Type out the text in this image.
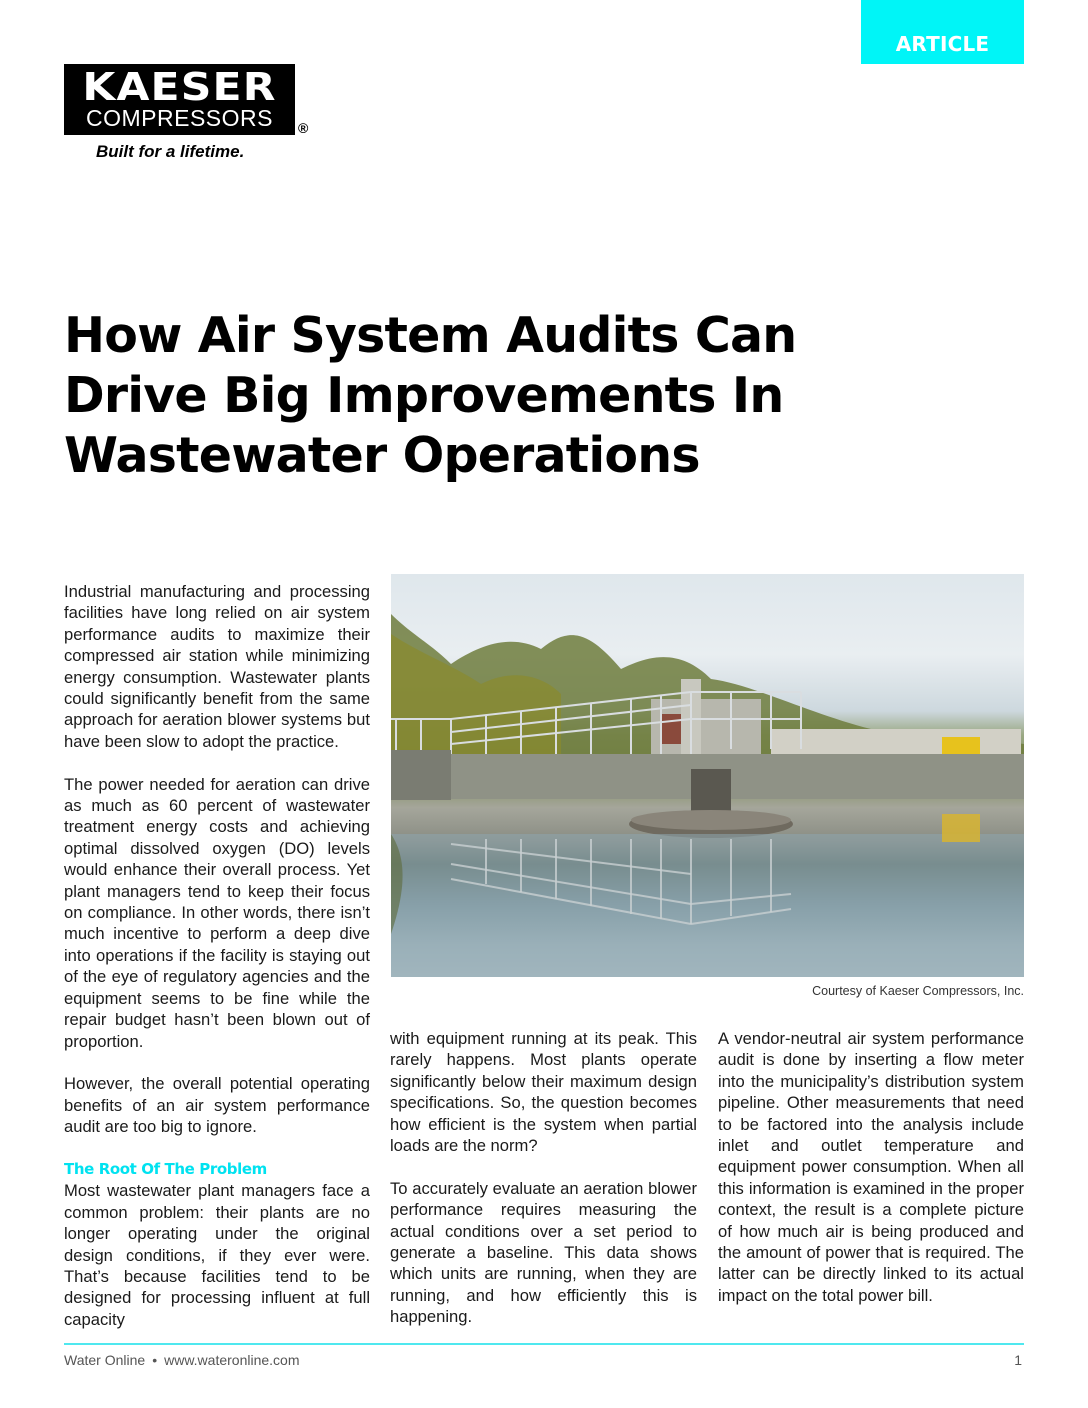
ARTICLE
KAESER
COMPRESSORS	®
Built for a lifetime.
How Air System Audits Can Drive Big Improvements In Wastewater Operations

Industrial manufacturing and processing facilities have long relied on air system performance audits to maximize their compressed air station while minimizing energy consumption. Wastewater plants could significantly benefit from the same approach for aeration blower systems but have been slow to adopt the practice.

The power needed for aeration can drive as much as 60 percent of wastewater treatment energy costs and achieving optimal dissolved oxygen (DO) levels would enhance their overall process. Yet plant managers tend to keep their focus on compliance. In other words, there isn’t much incentive to perform a deep dive into operations if the facility is staying out of the eye of regulatory agencies and the equipment seems to be fine while the repair budget hasn’t been blown out of proportion.

However, the overall potential operating benefits of an air system performance audit are too big to ignore.

The Root Of The Problem

Most wastewater plant managers face a common problem: their plants are no longer operating under the original design conditions, if they ever were. That’s because facilities tend to be designed for processing influent at full capacity

Courtesy of Kaeser Compressors, Inc.

with equipment running at its peak. This rarely happens. Most plants operate significantly below their maximum design specifications. So, the question becomes how efficient is the system when partial loads are the norm?

To accurately evaluate an aeration blower performance requires measuring the actual conditions over a set period to generate a baseline. This data shows which units are running, when they are running, and how efficiently this is happening.

A vendor-neutral air system performance audit is done by inserting a flow meter into the municipality’s distribution system pipeline. Other measurements that need to be factored into the analysis include inlet and outlet temperature and equipment power consumption. When all this information is examined in the proper context, the result is a complete picture of how much air is being produced and the amount of power that is required. The latter can be directly linked to its actual impact on the total power bill.

Water Online • www.wateronline.com	1
